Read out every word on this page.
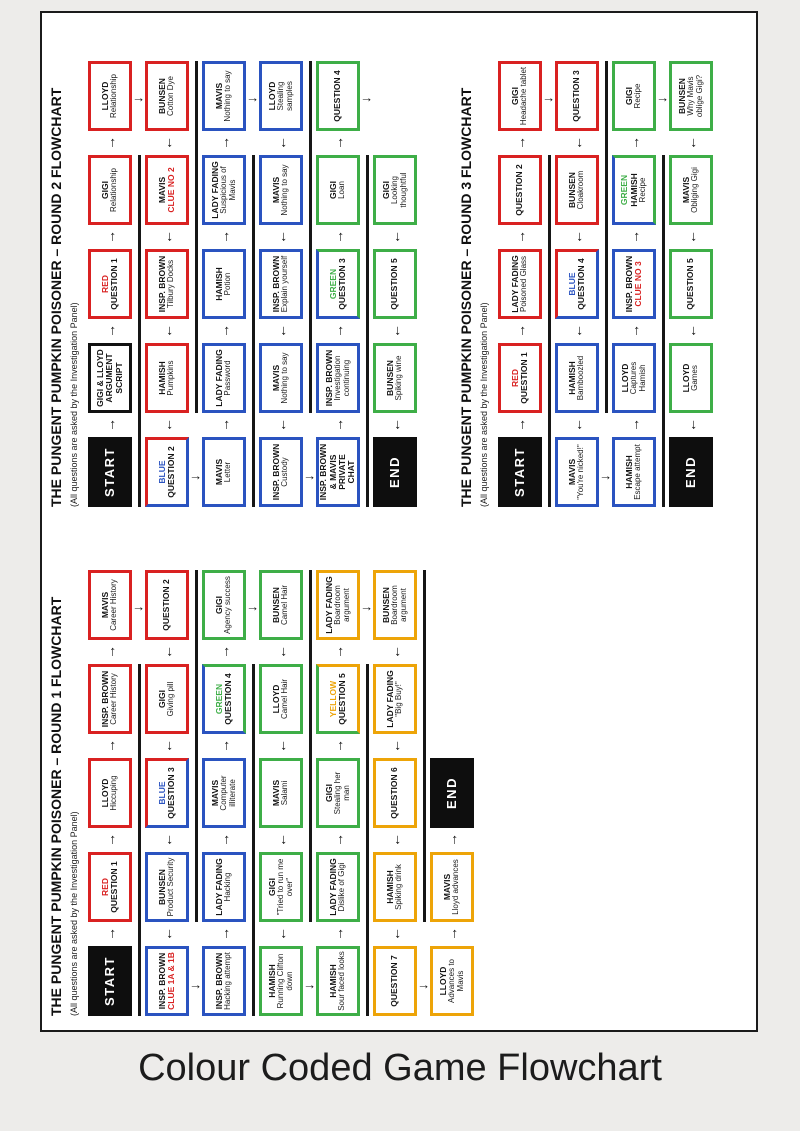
THE PUNGENT PUMPKIN POISONER – ROUND 1 FLOWCHART (All questions are asked by the Investigation Panel) START
RED QUESTION 1
→
LLOYD Hiccuping
→
INSP. BROWN Career History
→
MAVIS Career History
→
↓
INSP. BROWN CLUE 1A & 1B
BUNSEN Product Security
←
BLUE QUESTION 3
←
GIGI Giving pill
←
QUESTION 2
←
↓ INSP. BROWN Hacking attempt
LADY FADING Hacking
→
MAVIS Computer illiterate
→
GREEN QUESTION 4
→
GIGI Agency success
→
↓
HAMISH Running Clifton down
GIGI "Tried to run me over"
←
MAVIS Salami
←
LLOYD Camel Hair
←
BUNSEN Camel Hair
←
↓ HAMISH Sour faced looks
LADY FADING Dislike of Gigi
→
GIGI Stealing her man
→
YELLOW QUESTION 5
→
LADY FADING Boardroom argument
→
↓
QUESTION 7
HAMISH Spiking drink
←
QUESTION 6
←
LADY FADING "Big Buy!"
←
BUNSEN Boardroom argument
←
↓ LLOYD Advances to Mavis
MAVIS Lloyd advances
→
END
→
THE PUNGENT PUMPKIN POISONER – ROUND 2 FLOWCHART (All questions are asked by the Investigation Panel) START
GIGI & LLOYD ARGUMENT SCRIPT
→
RED QUESTION 1
→
GIGI Relationship
→
LLOYD Relationship
→
↓
BLUE QUESTION 2
HAMISH Pumpkins
←
INSP. BROWN Tilbury Docks
←
MAVIS CLUE NO 2
←
BUNSEN Cotton Dye
←
↓ MAVIS Letter
LADY FADING Password
→
HAMISH Potion
→
LADY FADING Suspicious of Mavis
→
MAVIS Nothing to say
→
↓
INSP. BROWN Custody
MAVIS Nothing to say
←
INSP. BROWN Explain yourself
←
MAVIS Nothing to say
←
LLOYD Stealing samples
←
↓ INSP. BROWN & MAVIS PRIVATE CHAT
INSP. BROWN Investigation continuing
→
GREEN QUESTION 3
→
GIGI Loan
→
QUESTION 4
→
↓
END
BUNSEN Spiking wine
←
QUESTION 5
←
GIGI Looking thoughtful
←	THE PUNGENT PUMPKIN POISONER – ROUND 3 FLOWCHART (All questions are asked by the Investigation Panel) START
RED QUESTION 1
→
LADY FADING Poisoned Glass
→
QUESTION 2
→
GIGI Headache tablet
→
↓
MAVIS "You're nicked!"
HAMISH Bamboozled
←
BLUE QUESTION 4
←
BUNSEN Cloakroom
←
QUESTION 3
←
↓ HAMISH Escape attempt
LLOYD Captures Hamish
→
INSP. BROWN CLUE NO 3
→
GREEN HAMISH Recipe
→
GIGI Recipe
→
↓
END
LLOYD Games
←
QUESTION 5
←
MAVIS Obliging Gigi
←
BUNSEN Why Mavis oblige Gigi?
←
Colour Coded Game Flowchart
